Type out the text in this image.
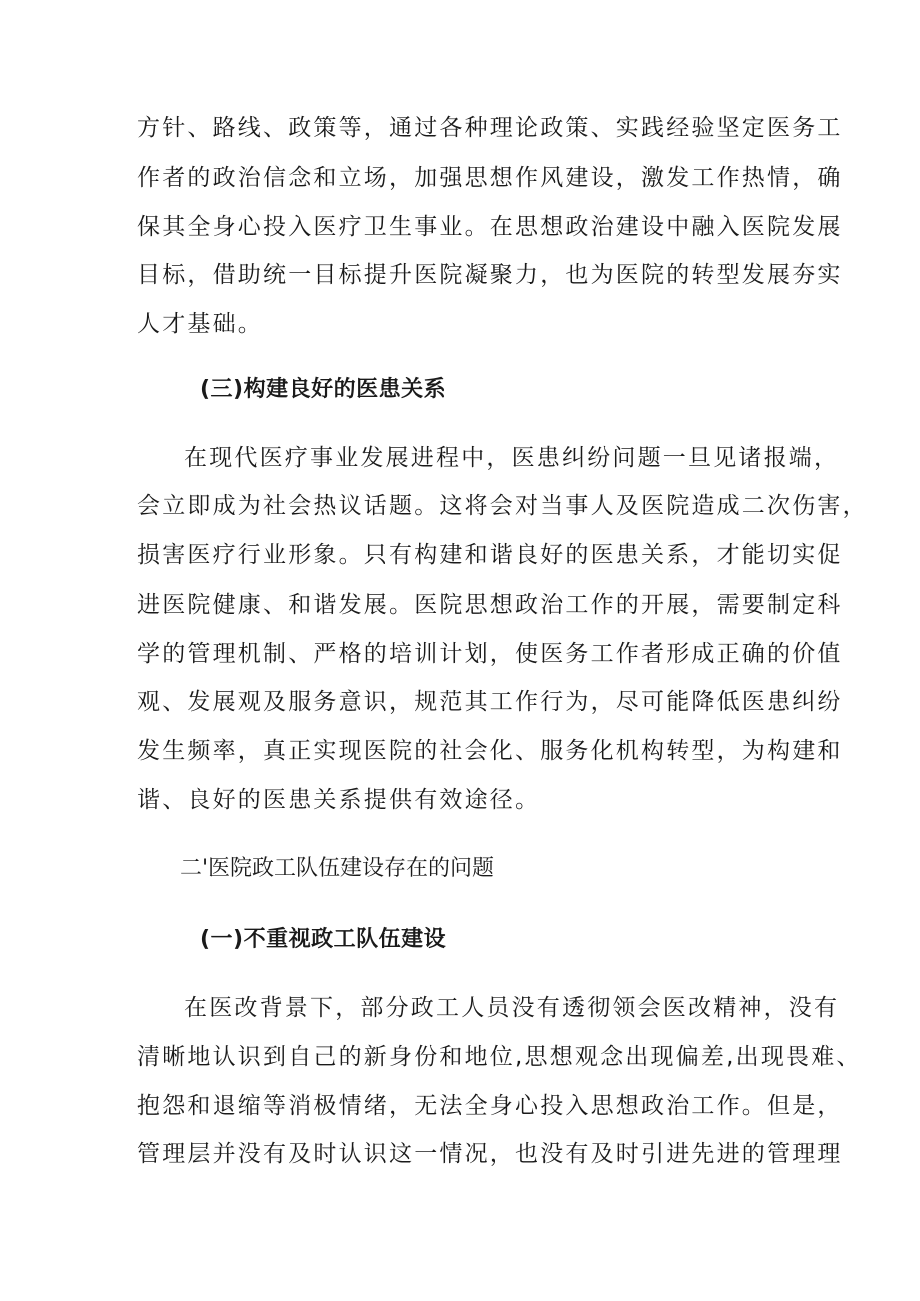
方针、路线、政策等，通过各种理论政策、实践经验坚定医务工
作者的政治信念和立场，加强思想作风建设，激发工作热情，确
保其全身心投入医疗卫生事业。在思想政治建设中融入医院发展
目标，借助统一目标提升医院凝聚力，也为医院的转型发展夯实
人才基础。
(三)构建良好的医患关系
在现代医疗事业发展进程中，医患纠纷问题一旦见诸报端，
会立即成为社会热议话题。这将会对当事人及医院造成二次伤害，
损害医疗行业形象。只有构建和谐良好的医患关系，才能切实促
进医院健康、和谐发展。医院思想政治工作的开展，需要制定科
学的管理机制、严格的培训计划，使医务工作者形成正确的价值
观、发展观及服务意识，规范其工作行为，尽可能降低医患纠纷
发生频率，真正实现医院的社会化、服务化机构转型，为构建和
谐、良好的医患关系提供有效途径。
二'医院政工队伍建设存在的问题
(一)不重视政工队伍建设
在医改背景下，部分政工人员没有透彻领会医改精神，没有
清晰地认识到自己的新身份和地位,思想观念出现偏差,出现畏难、
抱怨和退缩等消极情绪，无法全身心投入思想政治工作。但是，
管理层并没有及时认识这一情况，也没有及时引进先进的管理理
